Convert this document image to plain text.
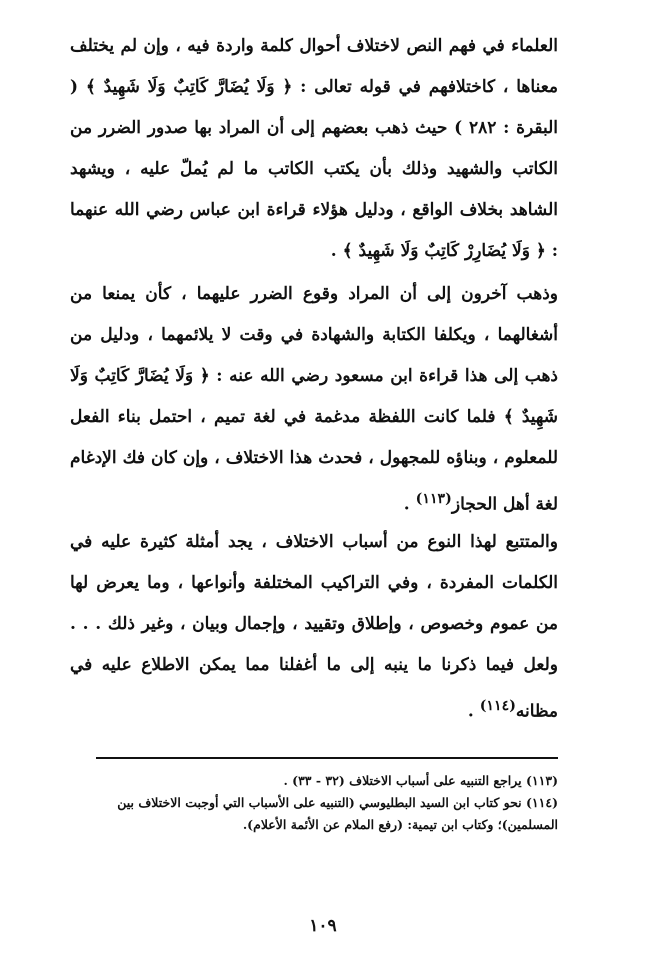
العلماء في فهم النص لاختلاف أحوال كلمة واردة فيه ، وإن لم يختلف معناها ، كاختلافهم في قوله تعالى : ﴿ وَلَا يُضَارَّ كَاتِبٌ وَلَا شَهِيدٌ ﴾ ( البقرة : ٢٨٢ ) حيث ذهب بعضهم إلى أن المراد بها صدور الضرر من الكاتب والشهيد وذلك بأن يكتب الكاتب ما لم يُملّ عليه ، ويشهد الشاهد بخلاف الواقع ، ودليل هؤلاء قراءة ابن عباس رضي الله عنهما : ﴿ وَلَا يُضَارِرْ كَاتِبٌ وَلَا شَهِيدٌ ﴾ .

وذهب آخرون إلى أن المراد وقوع الضرر عليهما ، كأن يمنعا من أشغالهما ، ويكلفا الكتابة والشهادة في وقت لا يلائمهما ، ودليل من ذهب إلى هذا قراءة ابن مسعود رضي الله عنه : ﴿ وَلَا يُضَارَّ كَاتِبٌ وَلَا شَهِيدٌ ﴾ فلما كانت اللفظة مدغمة في لغة تميم ، احتمل بناء الفعل للمعلوم ، وبناؤه للمجهول ، فحدث هذا الاختلاف ، وإن كان فك الإدغام لغة أهل الحجاز$^{(١١٣)}$ .

والمتتبع لهذا النوع من أسباب الاختلاف ، يجد أمثلة كثيرة عليه في الكلمات المفردة ، وفي التراكيب المختلفة وأنواعها ، وما يعرض لها من عموم وخصوص ، وإطلاق وتقييد ، وإجمال وبيان ، وغير ذلك . . . ولعل فيما ذكرنا ما ينبه إلى ما أغفلنا مما يمكن الاطلاع عليه في مظانه$^{(١١٤)}$ .

(١١٣) يراجع التنبيه على أسباب الاختلاف (٣٢ - ٣٣) .
(١١٤) نحو كتاب ابن السيد البطليوسي (التنبيه على الأسباب التي أوجبت الاختلاف بين المسلمين)؛ وكتاب ابن تيمية: (رفع الملام عن الأئمة الأعلام).
١٠٩
